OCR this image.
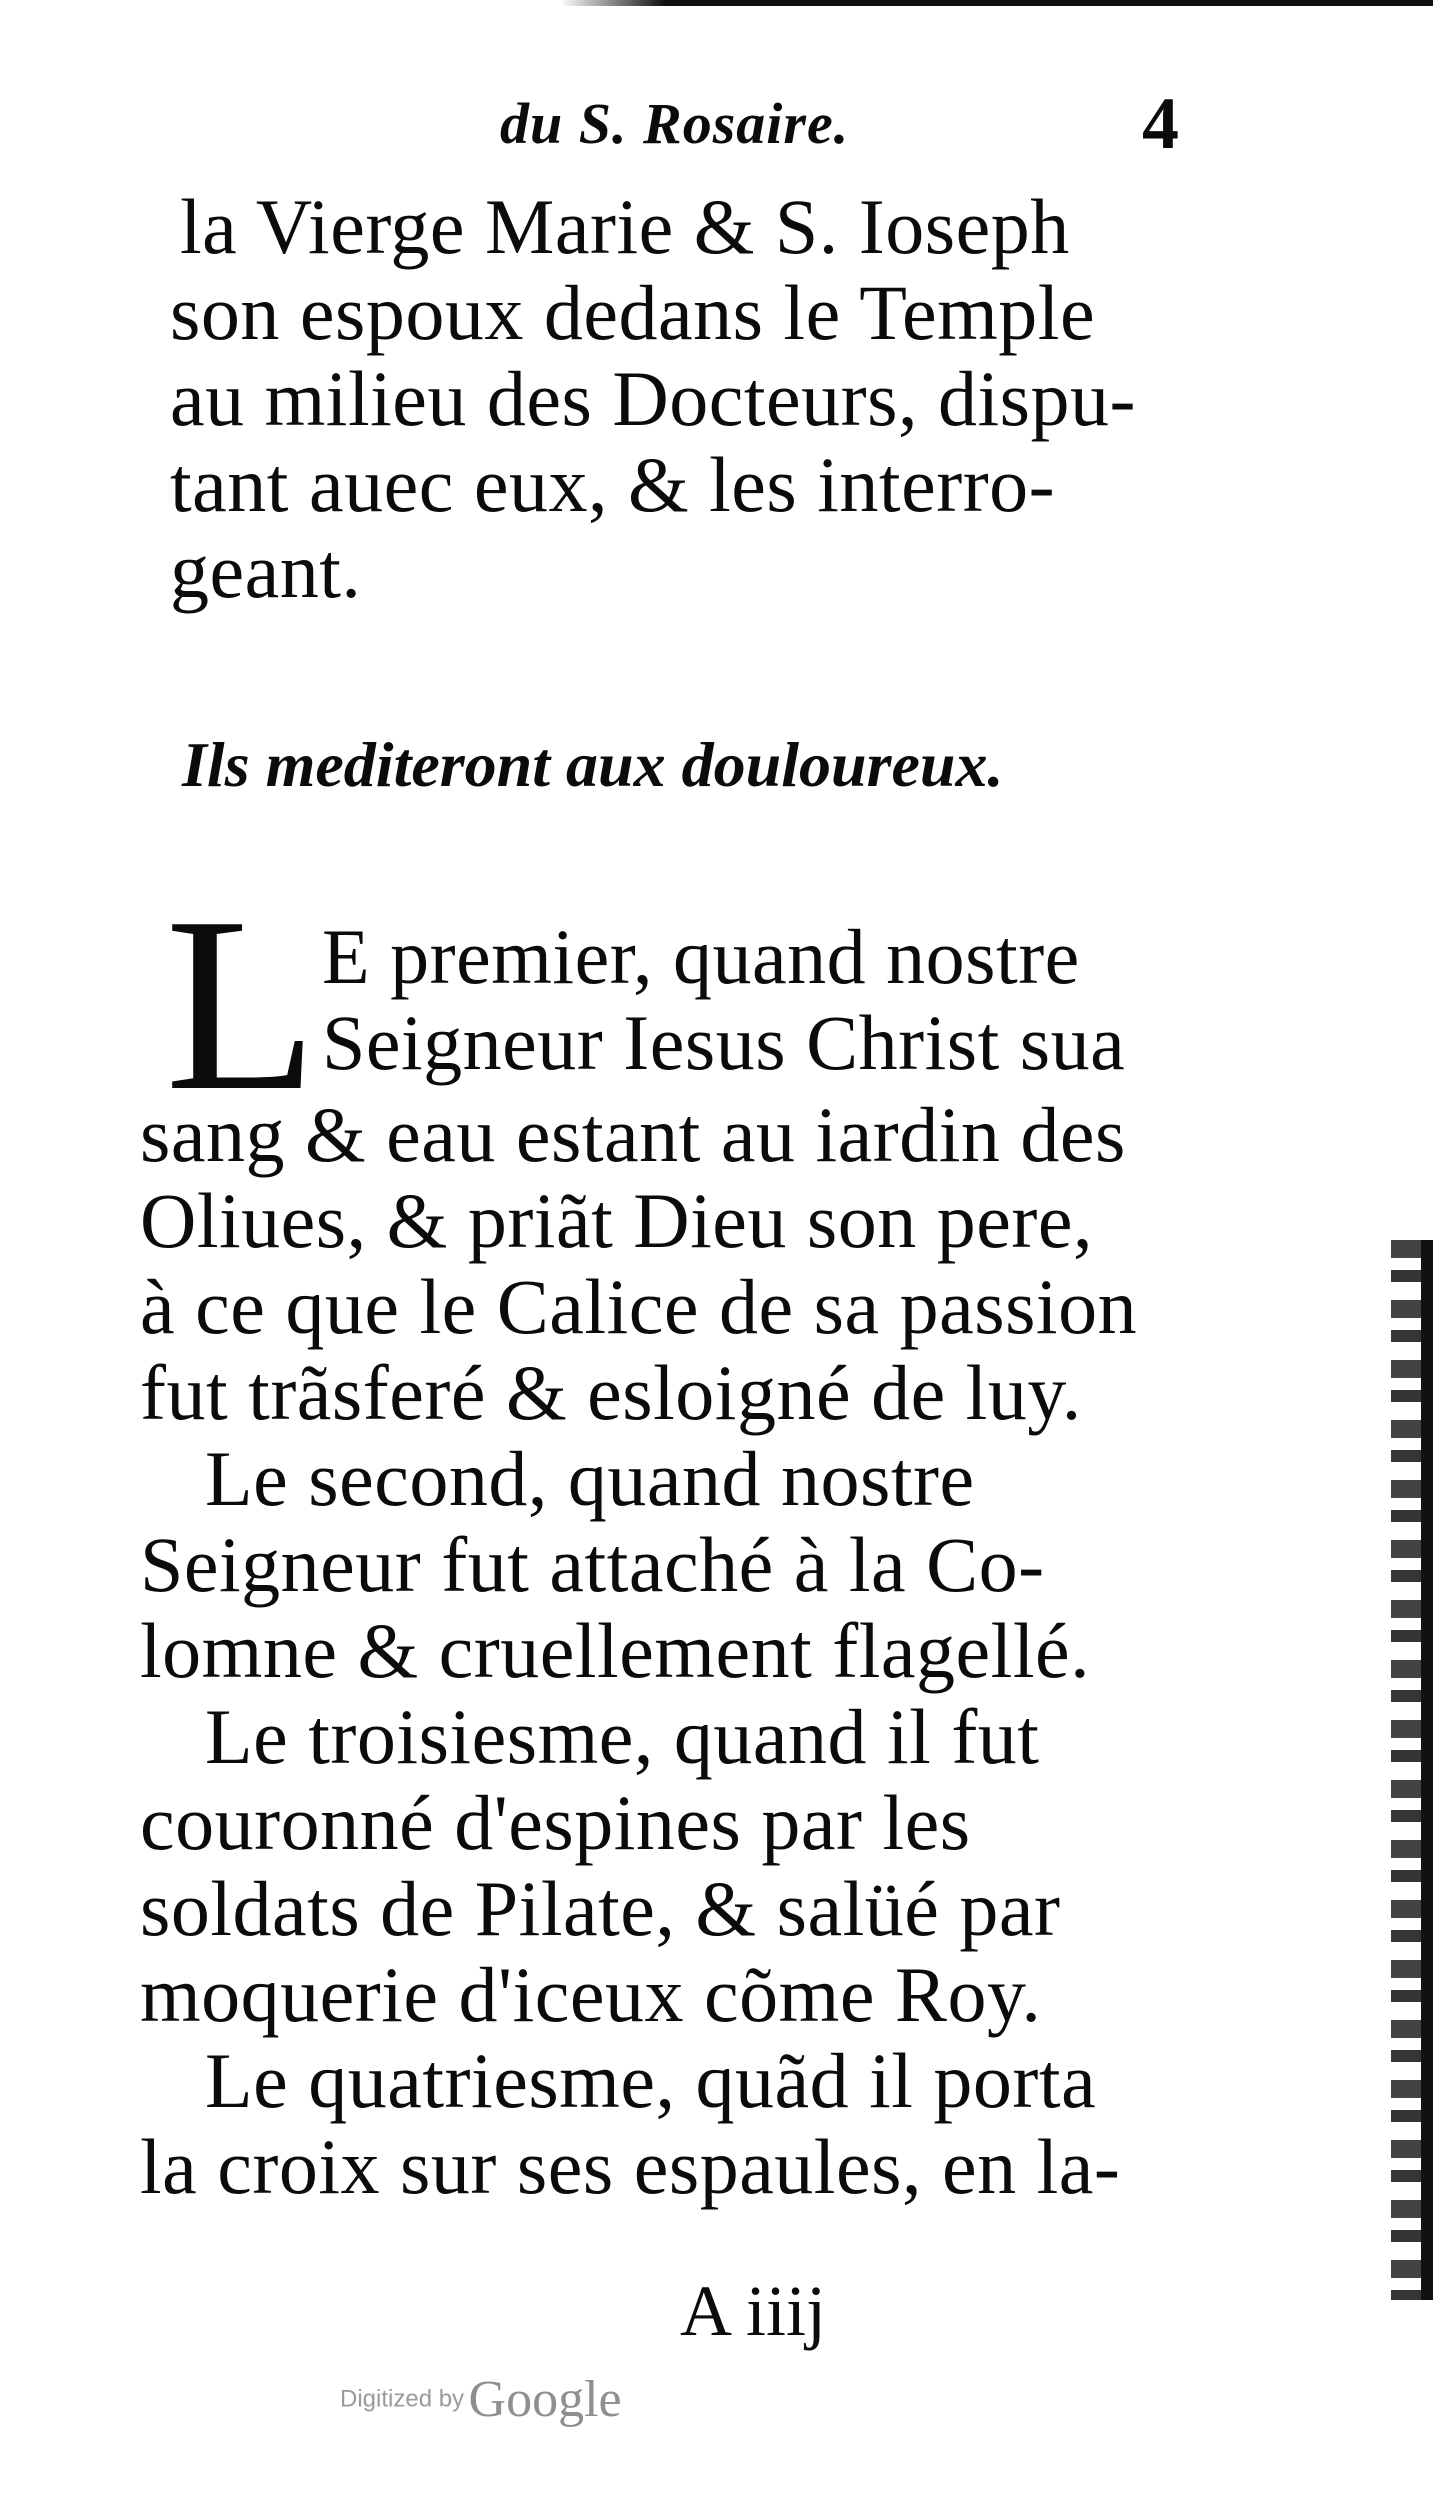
du S. Rosaire.	4
la Vierge Marie & S. Ioseph
son espoux dedans le Temple
au milieu des Docteurs, dispu-
tant auec eux, & les interro-
geant.
Ils mediteront aux douloureux.
L E premier, quand nostre
Seigneur Iesus Christ sua
sang & eau estant au iardin des
Oliues, & priãt Dieu son pere,
à ce que le Calice de sa passion
fut trãsferé & esloigné de luy.
Le second, quand nostre
Seigneur fut attaché à la Co-
lomne & cruellement flagellé.
Le troisiesme, quand il fut
couronné d'espines par les
soldats de Pilate, & salüé par
moquerie d'iceux cõme Roy.
Le quatriesme, quãd il porta
la croix sur ses espaules, en la-
A iiij
Digitized by Google
